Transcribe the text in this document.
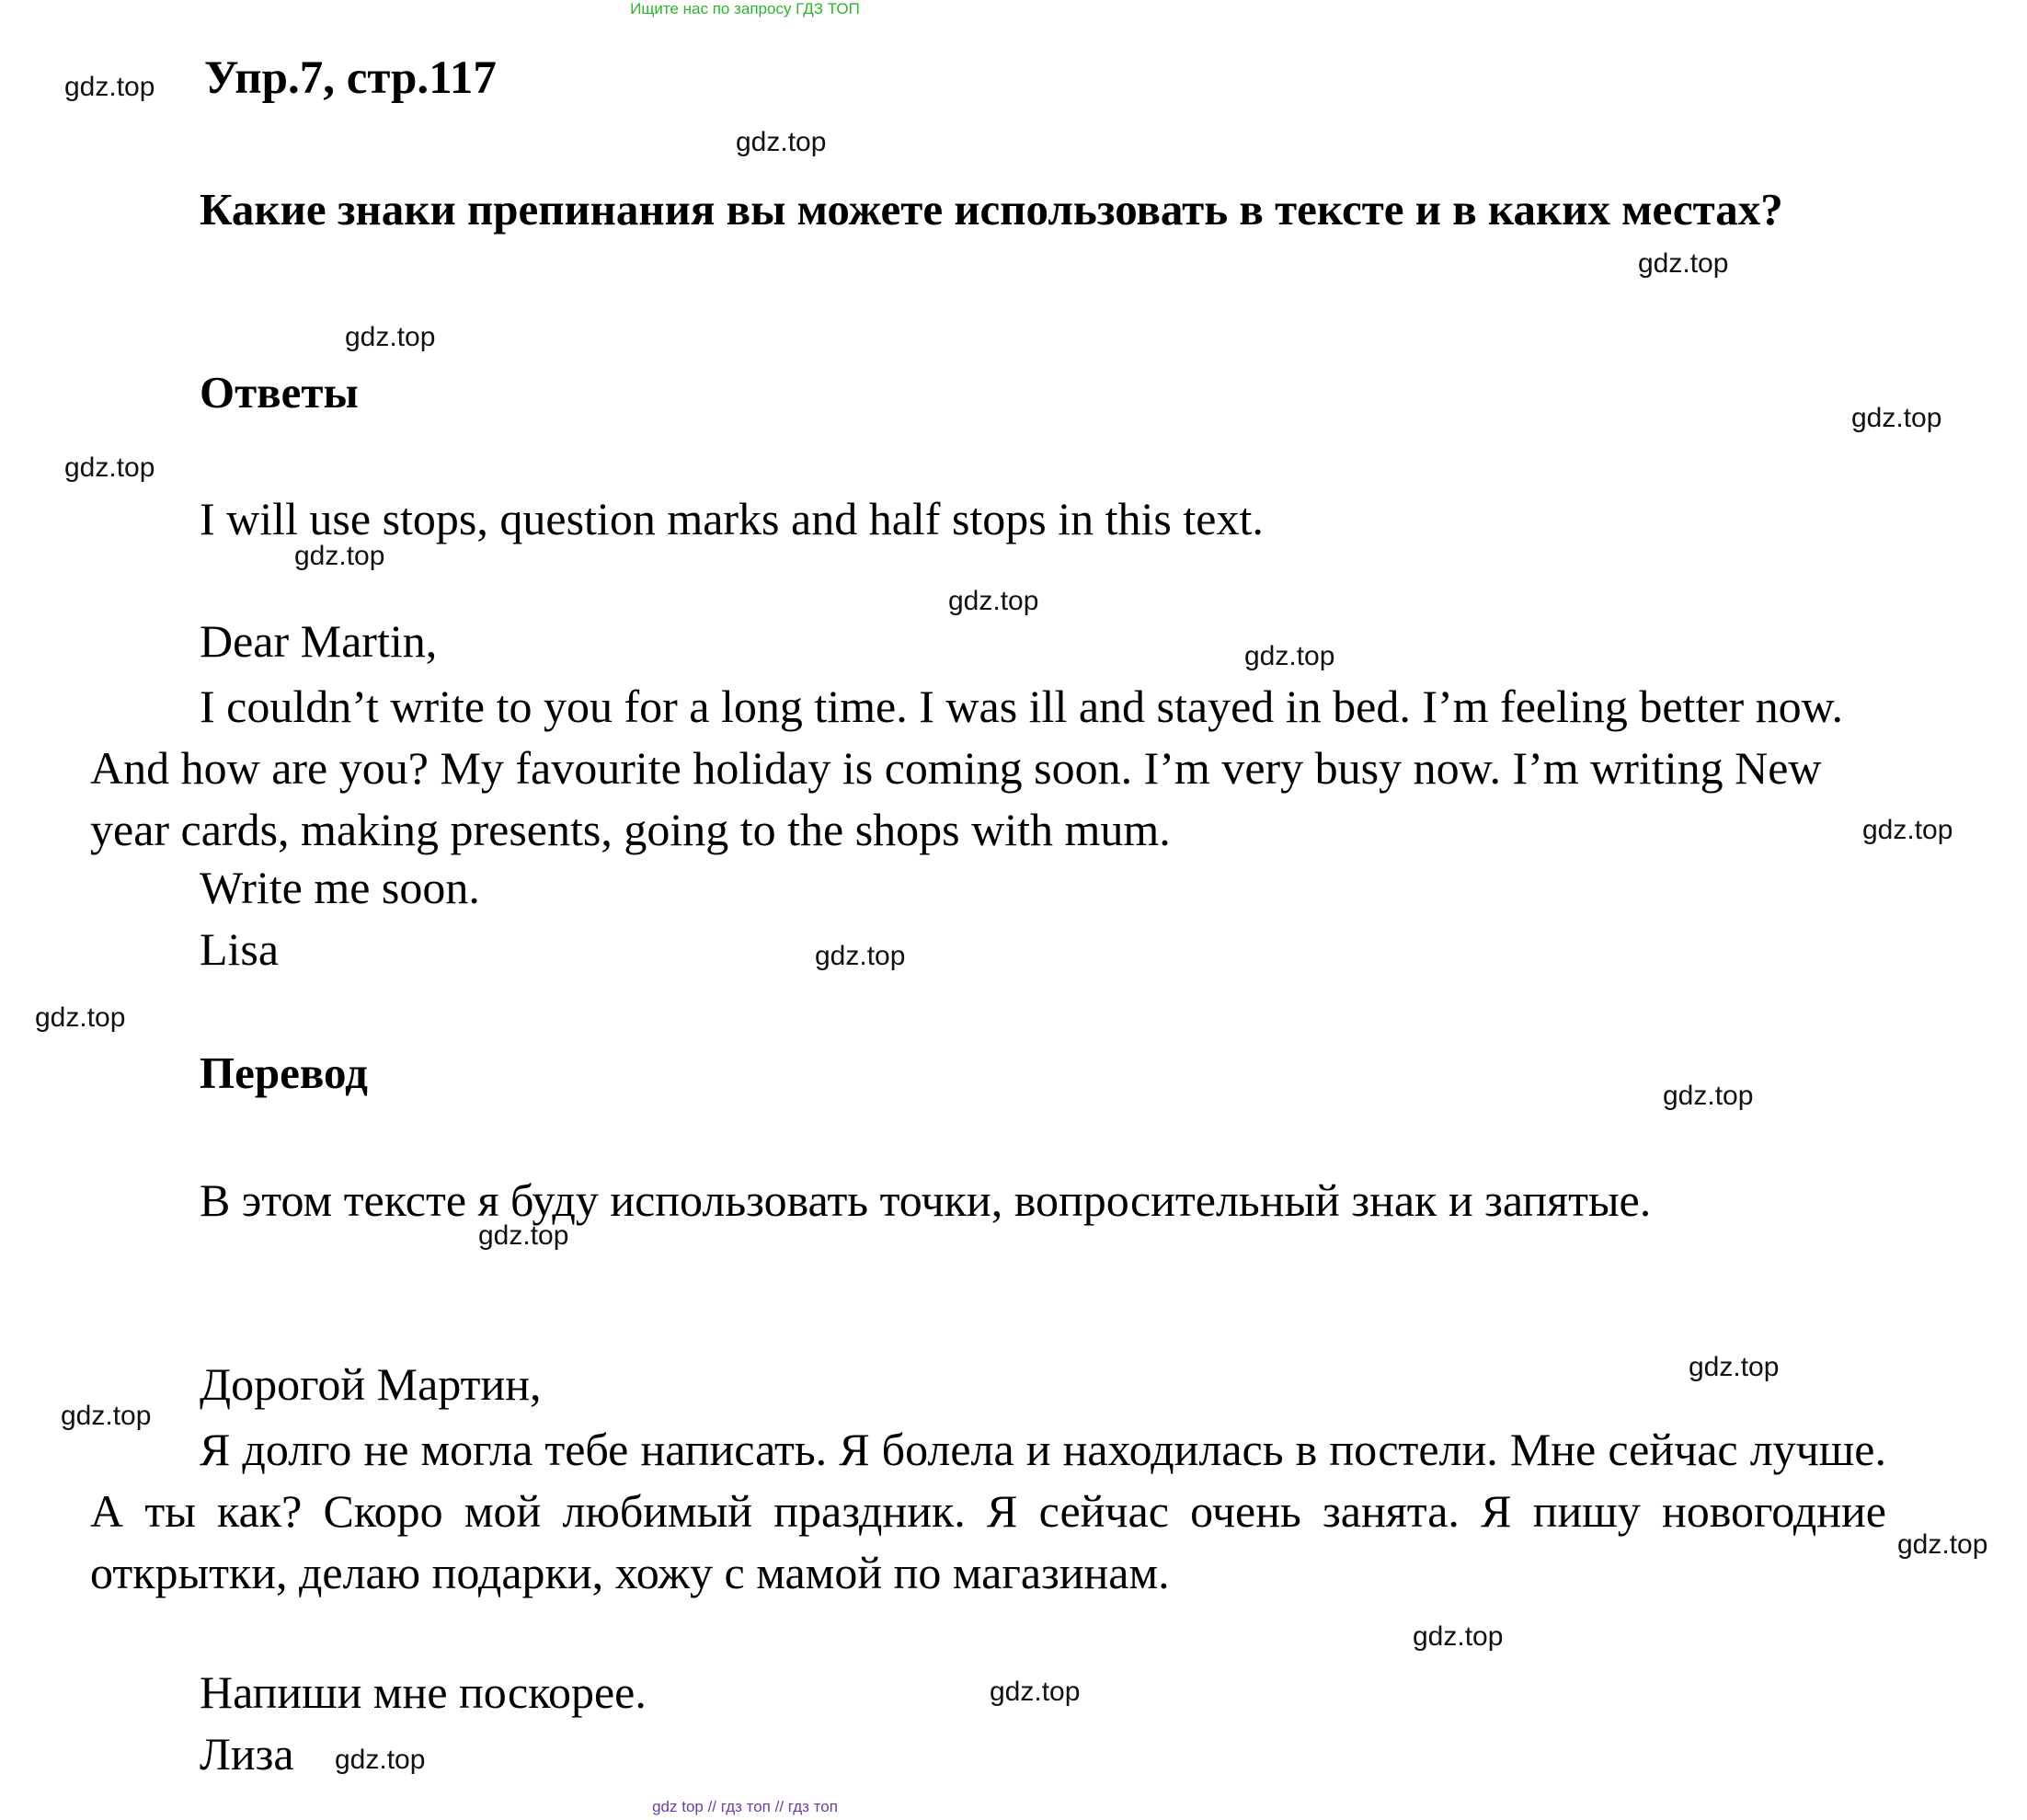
Ищите нас по запросу ГДЗ ТОП
Упр.7, стр.117

Какие знаки препинания вы можете использовать в тексте и в каких местах?

Ответы
I will use stops, question marks and half stops in this text.
Dear Martin,

I couldn’t write to you for a long time. I was ill and stayed in bed. I’m feeling better now. And how are you? My favourite holiday is coming soon. I’m very busy now. I’m writing New year cards, making presents, going to the shops with mum.

Write me soon.
Lisa
Перевод

В этом тексте я буду использовать точки, вопросительный знак и запятые.

Дорогой Мартин,

Я долго не могла тебе написать. Я болела и находилась в постели. Мне сейчас лучше. А ты как? Скоро мой любимый праздник. Я сейчас очень занята. Я пишу новогодние открытки, делаю подарки, хожу с мамой по магазинам.

Напиши мне поскорее.
Лиза
gdz.top
gdz.top
gdz.top
gdz.top
gdz.top
gdz.top
gdz.top
gdz.top
gdz.top
gdz.top
gdz.top
gdz.top
gdz.top
gdz.top
gdz.top
gdz.top
gdz.top
gdz.top
gdz.top
gdz.top
gdz top // гдз топ // гдз топ
